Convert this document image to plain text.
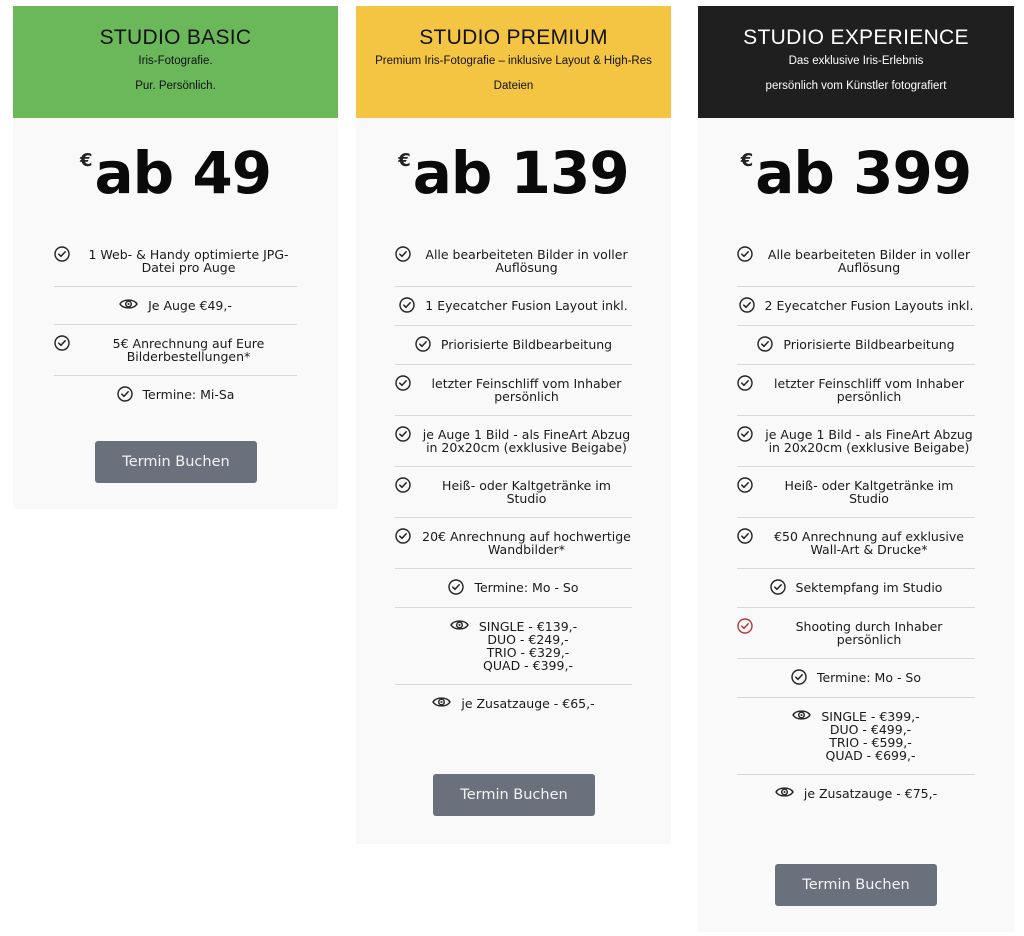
STUDIO BASIC
Iris-Fotografie.
Pur. Persönlich.
€ab 49
1 Web- & Handy optimierte JPG-Datei pro Auge
Je Auge €49,-
5€ Anrechnung auf Eure Bilderbestellungen*
Termine: Mi-Sa
Termin Buchen
STUDIO PREMIUM
Premium Iris-Fotografie – inklusive Layout & High-Res
Dateien
€ab 139
Alle bearbeiteten Bilder in voller Auflösung
1 Eyecatcher Fusion Layout inkl.
Priorisierte Bildbearbeitung
letzter Feinschliff vom Inhaber persönlich
je Auge 1 Bild - als FineArt Abzug in 20x20cm (exklusive Beigabe)
Heiß- oder Kaltgetränke im Studio
20€ Anrechnung auf hochwertige Wandbilder*
Termine: Mo - So
SINGLE - €139,-
DUO - €249,-
TRIO - €329,-
QUAD - €399,-
je Zusatzauge - €65,-
Termin Buchen
STUDIO EXPERIENCE
Das exklusive Iris-Erlebnis
persönlich vom Künstler fotografiert
€ab 399
Alle bearbeiteten Bilder in voller Auflösung
2 Eyecatcher Fusion Layouts inkl.
Priorisierte Bildbearbeitung
letzter Feinschliff vom Inhaber persönlich
je Auge 1 Bild - als FineArt Abzug in 20x20cm (exklusive Beigabe)
Heiß- oder Kaltgetränke im Studio
€50 Anrechnung auf exklusive Wall-Art & Drucke*
Sektempfang im Studio
Shooting durch Inhaber persönlich
Termine: Mo - So
SINGLE - €399,-
DUO - €499,-
TRIO - €599,-
QUAD - €699,-
je Zusatzauge - €75,-
Termin Buchen
